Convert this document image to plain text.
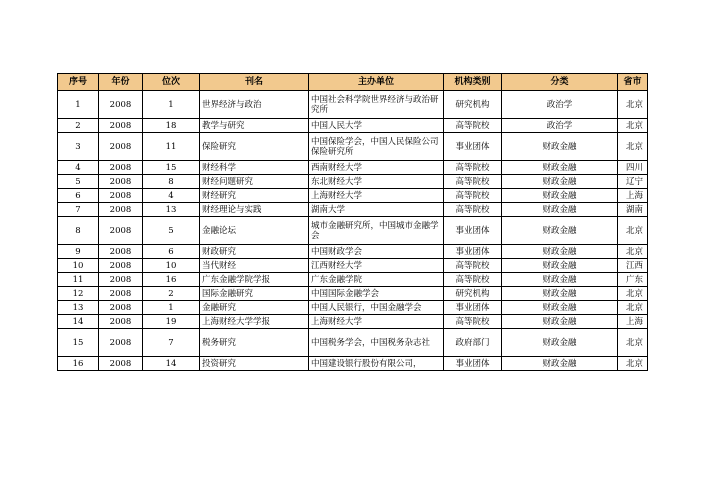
序号	年份	位次	刊名	主办单位	机构类别	分类	省市
1	2008	1	世界经济与政治	中国社会科学院世界经济与政治研究所	研究机构	政治学	北京
2	2008	18	教学与研究	中国人民大学	高等院校	政治学	北京
3	2008	11	保险研究	中国保险学会，中国人民保险公司保险研究所	事业团体	财政金融	北京
4	2008	15	财经科学	西南财经大学	高等院校	财政金融	四川
5	2008	8	财经问题研究	东北财经大学	高等院校	财政金融	辽宁
6	2008	4	财经研究	上海财经大学	高等院校	财政金融	上海
7	2008	13	财经理论与实践	湖南大学	高等院校	财政金融	湖南
8	2008	5	金融论坛	城市金融研究所，中国城市金融学会	事业团体	财政金融	北京
9	2008	6	财政研究	中国财政学会	事业团体	财政金融	北京
10	2008	10	当代财经	江西财经大学	高等院校	财政金融	江西
11	2008	16	广东金融学院学报	广东金融学院	高等院校	财政金融	广东
12	2008	2	国际金融研究	中国国际金融学会	研究机构	财政金融	北京
13	2008	1	金融研究	中国人民银行，中国金融学会	事业团体	财政金融	北京
14	2008	19	上海财经大学学报	上海财经大学	高等院校	财政金融	上海
15	2008	7	税务研究	中国税务学会，中国税务杂志社	政府部门	财政金融	北京
16	2008	14	投资研究	中国建设银行股份有限公司，	事业团体	财政金融	北京
